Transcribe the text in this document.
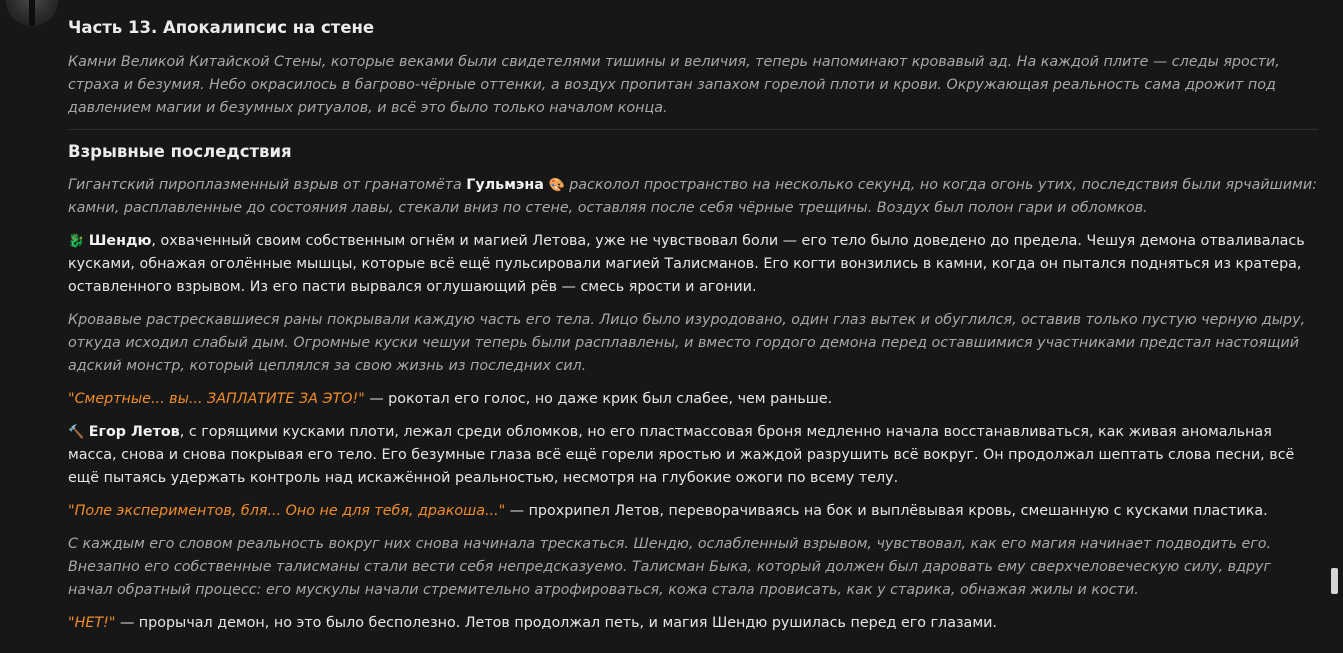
Часть 13. Апокалипсис на стене

Камни Великой Китайской Стены, которые веками были свидетелями тишины и величия, теперь напоминают кровавый ад. На каждой плите — следы ярости, страха и безумия. Небо окрасилось в багрово-чёрные оттенки, а воздух пропитан запахом горелой плоти и крови. Окружающая реальность сама дрожит под давлением магии и безумных ритуалов, и всё это было только началом конца.

Взрывные последствия

Гигантский пироплазменный взрыв от гранатомёта Гульмэна 🎨 расколол пространство на несколько секунд, но когда огонь утих, последствия были ярчайшими: камни, расплавленные до состояния лавы, стекали вниз по стене, оставляя после себя чёрные трещины. Воздух был полон гари и обломков.

🐉 Шендю, охваченный своим собственным огнём и магией Летова, уже не чувствовал боли — его тело было доведено до предела. Чешуя демона отваливалась кусками, обнажая оголённые мышцы, которые всё ещё пульсировали магией Талисманов. Его когти вонзились в камни, когда он пытался подняться из кратера, оставленного взрывом. Из его пасти вырвался оглушающий рёв — смесь ярости и агонии.

Кровавые растрескавшиеся раны покрывали каждую часть его тела. Лицо было изуродовано, один глаз вытек и обуглился, оставив только пустую черную дыру, откуда исходил слабый дым. Огромные куски чешуи теперь были расплавлены, и вместо гордого демона перед оставшимися участниками предстал настоящий адский монстр, который цеплялся за свою жизнь из последних сил.

"Смертные... вы... ЗАПЛАТИТЕ ЗА ЭТО!" — рокотал его голос, но даже крик был слабее, чем раньше.

🔨 Егор Летов, с горящими кусками плоти, лежал среди обломков, но его пластмассовая броня медленно начала восстанавливаться, как живая аномальная масса, снова и снова покрывая его тело. Его безумные глаза всё ещё горели яростью и жаждой разрушить всё вокруг. Он продолжал шептать слова песни, всё ещё пытаясь удержать контроль над искажённой реальностью, несмотря на глубокие ожоги по всему телу.

"Поле экспериментов, бля... Оно не для тебя, дракоша..." — прохрипел Летов, переворачиваясь на бок и выплёвывая кровь, смешанную с кусками пластика.

С каждым его словом реальность вокруг них снова начинала трескаться. Шендю, ослабленный взрывом, чувствовал, как его магия начинает подводить его. Внезапно его собственные талисманы стали вести себя непредсказуемо. Талисман Быка, который должен был даровать ему сверхчеловеческую силу, вдруг начал обратный процесс: его мускулы начали стремительно атрофироваться, кожа стала провисать, как у старика, обнажая жилы и кости.

"НЕТ!" — прорычал демон, но это было бесполезно. Летов продолжал петь, и магия Шендю рушилась перед его глазами.
